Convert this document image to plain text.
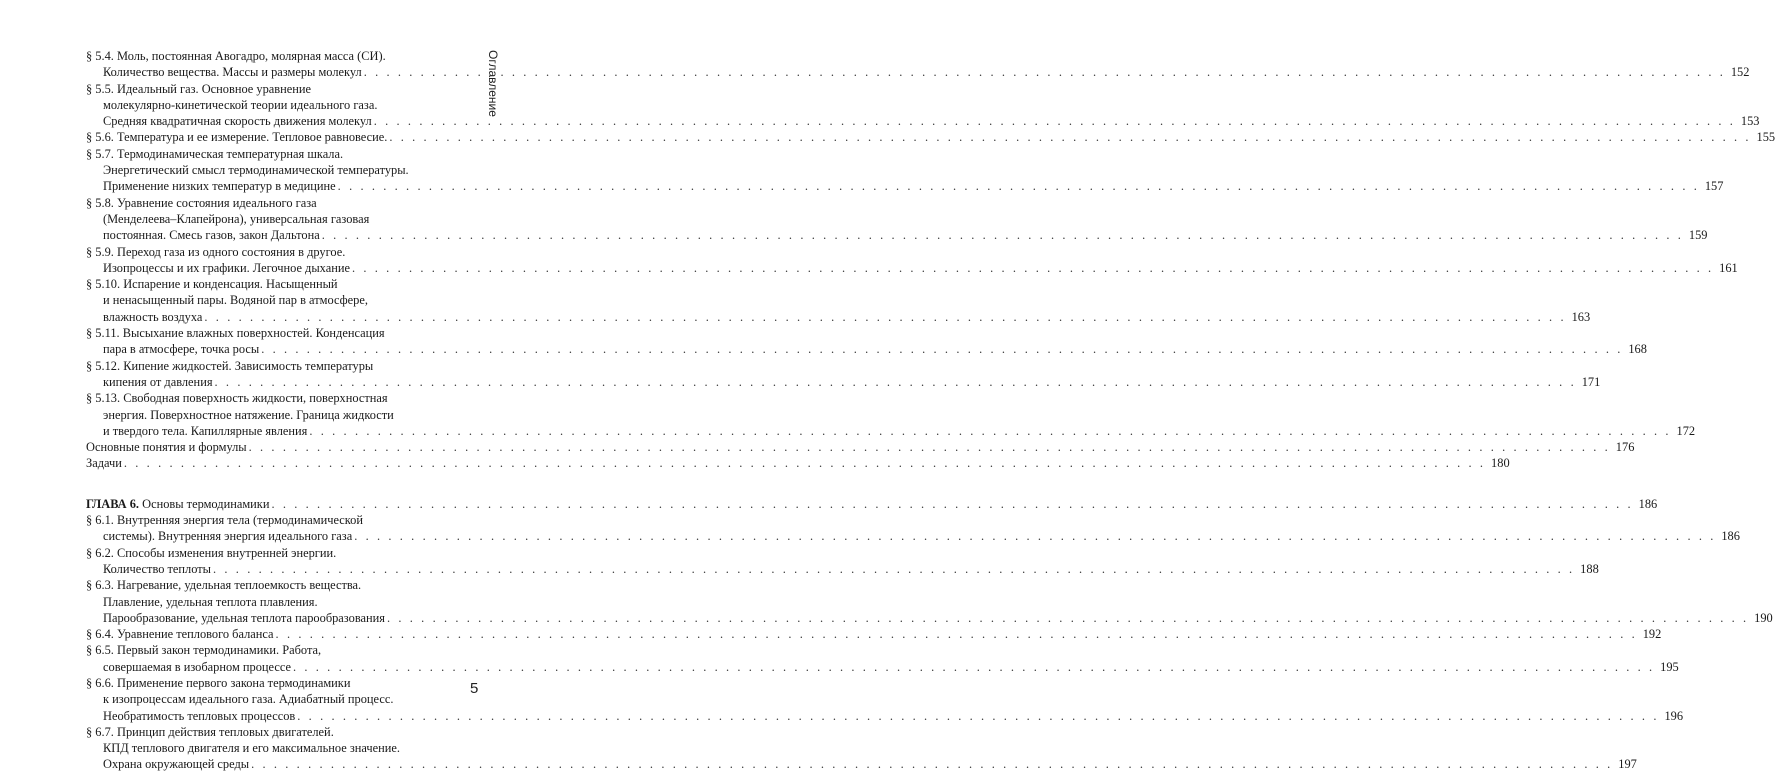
Оглавление
§ 5.4. Моль, постоянная Авогадро, молярная масса (СИ).
Количество вещества. Массы и размеры молекул . . . . . . . . . . . . . . . . . . . . . . . . . . . . . . . . . . . . . . . . . . . . . . . . . . . . . . . . . . . . . . . . . . . . . . . . . . . . . . . . . . . . . . . . . . . . . . . . . . . . . . . . . . . . . . . . . . . . . . . . 152
§ 5.5. Идеальный газ. Основное уравнение
молекулярно-кинетической теории идеального газа.
Средняя квадратичная скорость движения молекул . . . . . . . . . . . . . . . . . . . . . . . . . . . . . . . . . . . . . . . . . . . . . . . . . . . . . . . . . . . . . . . . . . . . . . . . . . . . . . . . . . . . . . . . . . . . . . . . . . . . . . . . . . . . . . . . . . . . . . . . 153
§ 5.6. Температура и ее измерение. Тепловое равновесие. . . . . . . . . . . . . . . . . . . . . . . . . . . . . . . . . . . . . . . . . . . . . . . . . . . . . . . . . . . . . . . . . . . . . . . . . . . . . . . . . . . . . . . . . . . . . . . . . . . . . . . . . . . . . . . . . . . . . . . . . 155
§ 5.7. Термодинамическая температурная шкала.
Энергетический смысл термодинамической температуры.
Применение низких температур в медицине . . . . . . . . . . . . . . . . . . . . . . . . . . . . . . . . . . . . . . . . . . . . . . . . . . . . . . . . . . . . . . . . . . . . . . . . . . . . . . . . . . . . . . . . . . . . . . . . . . . . . . . . . . . . . . . . . . . . . . . . 157
§ 5.8. Уравнение состояния идеального газа
(Менделеева–Клапейрона), универсальная газовая
постоянная. Смесь газов, закон Дальтона . . . . . . . . . . . . . . . . . . . . . . . . . . . . . . . . . . . . . . . . . . . . . . . . . . . . . . . . . . . . . . . . . . . . . . . . . . . . . . . . . . . . . . . . . . . . . . . . . . . . . . . . . . . . . . . . . . . . . . . . 159
§ 5.9. Переход газа из одного состояния в другое.
Изопроцессы и их графики. Легочное дыхание . . . . . . . . . . . . . . . . . . . . . . . . . . . . . . . . . . . . . . . . . . . . . . . . . . . . . . . . . . . . . . . . . . . . . . . . . . . . . . . . . . . . . . . . . . . . . . . . . . . . . . . . . . . . . . . . . . . . . . . . 161
§ 5.10. Испарение и конденсация. Насыщенный
и ненасыщенный пары. Водяной пар в атмосфере,
влажность воздуха . . . . . . . . . . . . . . . . . . . . . . . . . . . . . . . . . . . . . . . . . . . . . . . . . . . . . . . . . . . . . . . . . . . . . . . . . . . . . . . . . . . . . . . . . . . . . . . . . . . . . . . . . . . . . . . . . . . . . . . . 163
§ 5.11. Высыхание влажных поверхностей. Конденсация
пара в атмосфере, точка росы . . . . . . . . . . . . . . . . . . . . . . . . . . . . . . . . . . . . . . . . . . . . . . . . . . . . . . . . . . . . . . . . . . . . . . . . . . . . . . . . . . . . . . . . . . . . . . . . . . . . . . . . . . . . . . . . . . . . . . . . 168
§ 5.12. Кипение жидкостей. Зависимость температуры
кипения от давления . . . . . . . . . . . . . . . . . . . . . . . . . . . . . . . . . . . . . . . . . . . . . . . . . . . . . . . . . . . . . . . . . . . . . . . . . . . . . . . . . . . . . . . . . . . . . . . . . . . . . . . . . . . . . . . . . . . . . . . . 171
§ 5.13. Свободная поверхность жидкости, поверхностная
энергия. Поверхностное натяжение. Граница жидкости
и твердого тела. Капиллярные явления . . . . . . . . . . . . . . . . . . . . . . . . . . . . . . . . . . . . . . . . . . . . . . . . . . . . . . . . . . . . . . . . . . . . . . . . . . . . . . . . . . . . . . . . . . . . . . . . . . . . . . . . . . . . . . . . . . . . . . . . 172
Основные понятия и формулы . . . . . . . . . . . . . . . . . . . . . . . . . . . . . . . . . . . . . . . . . . . . . . . . . . . . . . . . . . . . . . . . . . . . . . . . . . . . . . . . . . . . . . . . . . . . . . . . . . . . . . . . . . . . . . . . . . . . . . . . 176
Задачи . . . . . . . . . . . . . . . . . . . . . . . . . . . . . . . . . . . . . . . . . . . . . . . . . . . . . . . . . . . . . . . . . . . . . . . . . . . . . . . . . . . . . . . . . . . . . . . . . . . . . . . . . . . . . . . . . . . . . . . . 180
ГЛАВА 6. Основы термодинамики . . . . . . . . . . . . . . . . . . . . . . . . . . . . . . . . . . . . . . . . . . . . . . . . . . . . . . . . . . . . . . . . . . . . . . . . . . . . . . . . . . . . . . . . . . . . . . . . . . . . . . . . . . . . . . . . . . . . . . . . 186
§ 6.1. Внутренняя энергия тела (термодинамической
системы). Внутренняя энергия идеального газа . . . . . . . . . . . . . . . . . . . . . . . . . . . . . . . . . . . . . . . . . . . . . . . . . . . . . . . . . . . . . . . . . . . . . . . . . . . . . . . . . . . . . . . . . . . . . . . . . . . . . . . . . . . . . . . . . . . . . . . . 186
§ 6.2. Способы изменения внутренней энергии.
Количество теплоты . . . . . . . . . . . . . . . . . . . . . . . . . . . . . . . . . . . . . . . . . . . . . . . . . . . . . . . . . . . . . . . . . . . . . . . . . . . . . . . . . . . . . . . . . . . . . . . . . . . . . . . . . . . . . . . . . . . . . . . . 188
§ 6.3. Нагревание, удельная теплоемкость вещества.
Плавление, удельная теплота плавления.
Парообразование, удельная теплота парообразования . . . . . . . . . . . . . . . . . . . . . . . . . . . . . . . . . . . . . . . . . . . . . . . . . . . . . . . . . . . . . . . . . . . . . . . . . . . . . . . . . . . . . . . . . . . . . . . . . . . . . . . . . . . . . . . . . . . . . . . . 190
§ 6.4. Уравнение теплового баланса . . . . . . . . . . . . . . . . . . . . . . . . . . . . . . . . . . . . . . . . . . . . . . . . . . . . . . . . . . . . . . . . . . . . . . . . . . . . . . . . . . . . . . . . . . . . . . . . . . . . . . . . . . . . . . . . . . . . . . . . 192
§ 6.5. Первый закон термодинамики. Работа,
совершаемая в изобарном процессе . . . . . . . . . . . . . . . . . . . . . . . . . . . . . . . . . . . . . . . . . . . . . . . . . . . . . . . . . . . . . . . . . . . . . . . . . . . . . . . . . . . . . . . . . . . . . . . . . . . . . . . . . . . . . . . . . . . . . . . . 195
§ 6.6. Применение первого закона термодинамики
к изопроцессам идеального газа. Адиабатный процесс.
Необратимость тепловых процессов . . . . . . . . . . . . . . . . . . . . . . . . . . . . . . . . . . . . . . . . . . . . . . . . . . . . . . . . . . . . . . . . . . . . . . . . . . . . . . . . . . . . . . . . . . . . . . . . . . . . . . . . . . . . . . . . . . . . . . . . 196
§ 6.7. Принцип действия тепловых двигателей.
КПД теплового двигателя и его максимальное значение.
Охрана окружающей среды . . . . . . . . . . . . . . . . . . . . . . . . . . . . . . . . . . . . . . . . . . . . . . . . . . . . . . . . . . . . . . . . . . . . . . . . . . . . . . . . . . . . . . . . . . . . . . . . . . . . . . . . . . . . . . . . . . . . . . . . 197
5
